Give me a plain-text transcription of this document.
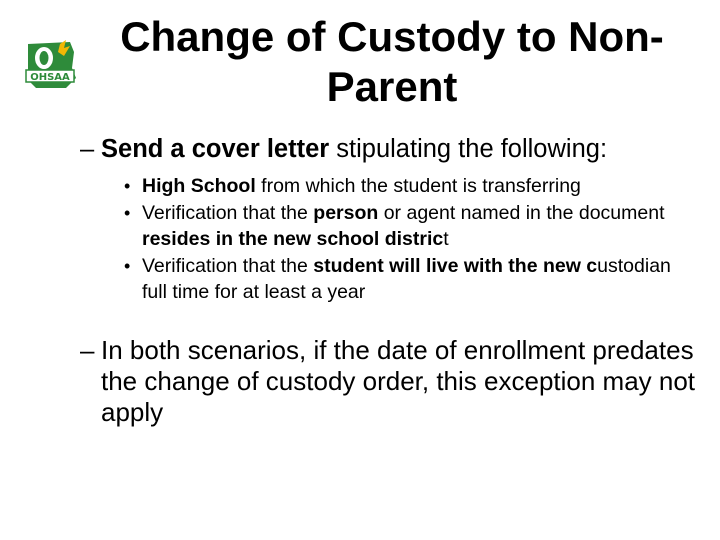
OHSAA
Change of Custody to Non-Parent
– Send a cover letter stipulating the following:
• High School from which the student is transferring
• Verification that the person or agent named in the document resides in the new school district
• Verification that the student will live with the new custodian full time for at least a year
– In both scenarios, if the date of enrollment predates the change of custody order, this exception may not apply
